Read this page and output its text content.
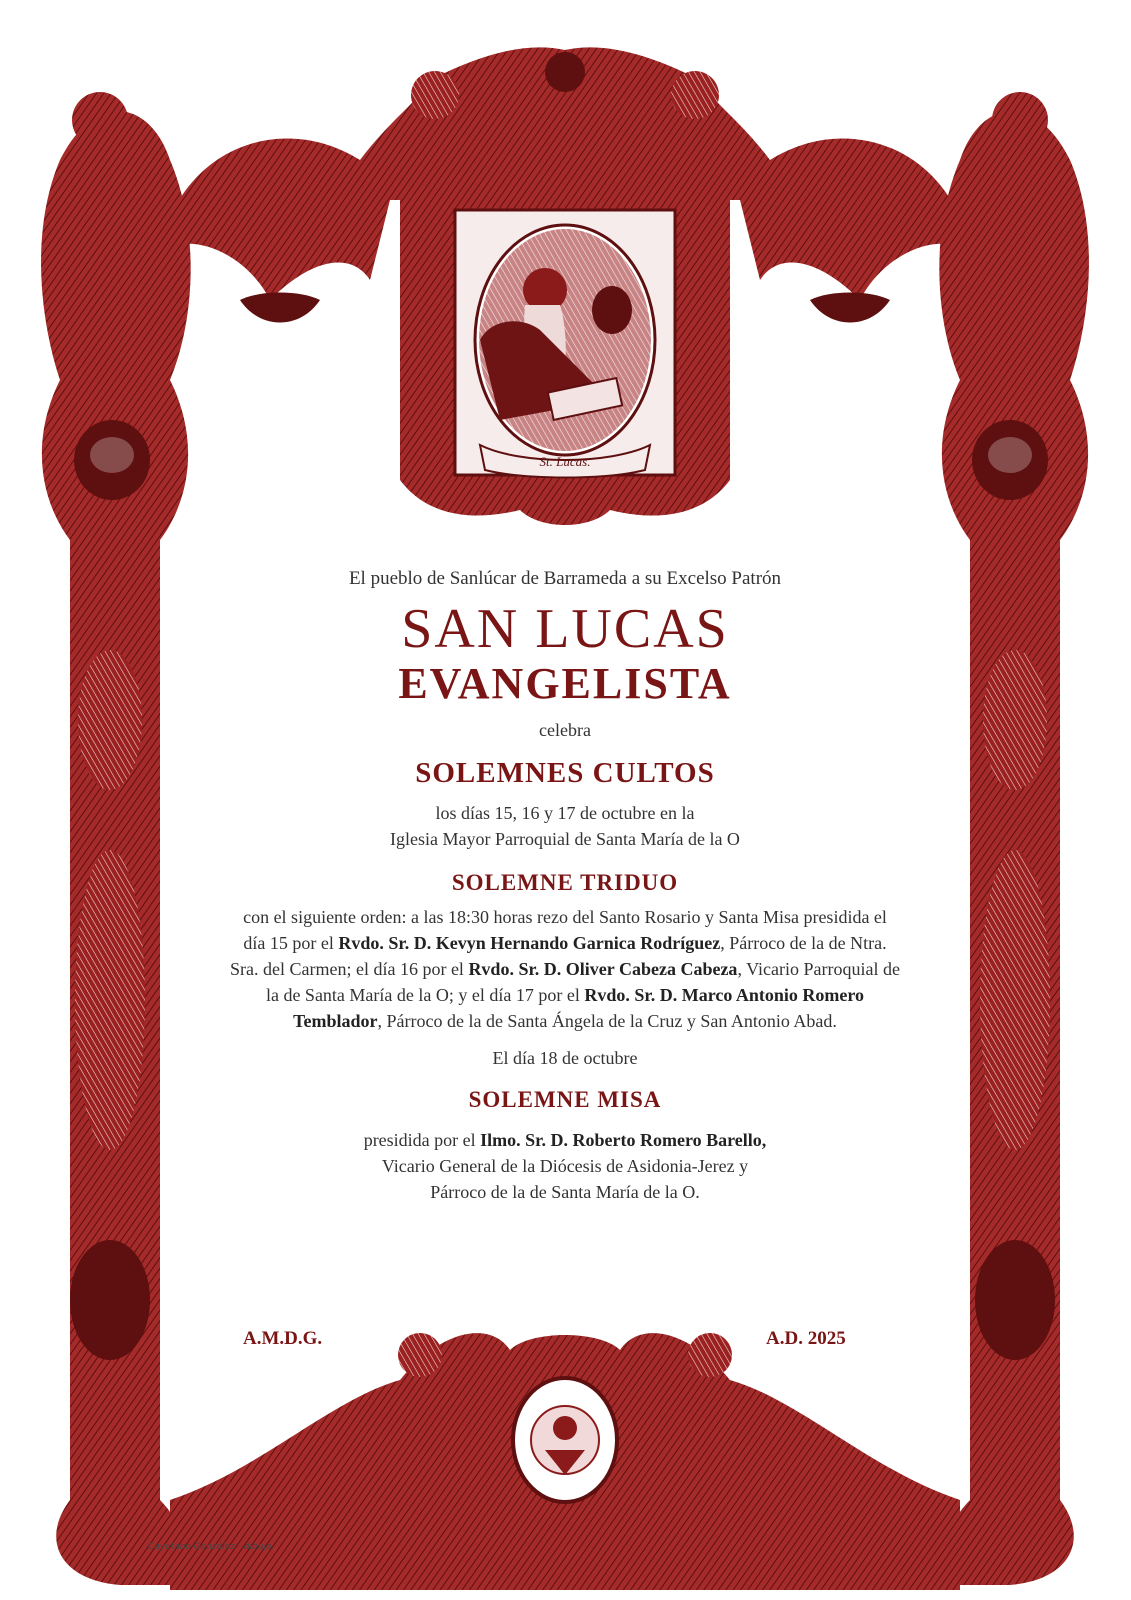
St. Lucas.
El pueblo de Sanlúcar de Barrameda a su Excelso Patrón
SAN LUCAS
EVANGELISTA
celebra
SOLEMNES CULTOS
los días 15, 16 y 17 de octubre en la
Iglesia Mayor Parroquial de Santa María de la O
SOLEMNE TRIDUO
con el siguiente orden: a las 18:30 horas rezo del Santo Rosario y Santa Misa presidida el día 15 por el Rvdo. Sr. D. Kevyn Hernando Garnica Rodríguez, Párroco de la de Ntra. Sra. del Carmen; el día 16 por el Rvdo. Sr. D. Oliver Cabeza Cabeza, Vicario Parroquial de la de Santa María de la O; y el día 17 por el Rvdo. Sr. D. Marco Antonio Romero Temblador, Párroco de la de Santa Ángela de la Cruz y San Antonio Abad.
El día 18 de octubre
SOLEMNE MISA
presidida por el Ilmo. Sr. D. Roberto Romero Barello,
Vicario General de la Diócesis de Asidonia-Jerez y
Párroco de la de Santa María de la O.
A.M.D.G.	A.D. 2025
Cayetano González - dibujo.
